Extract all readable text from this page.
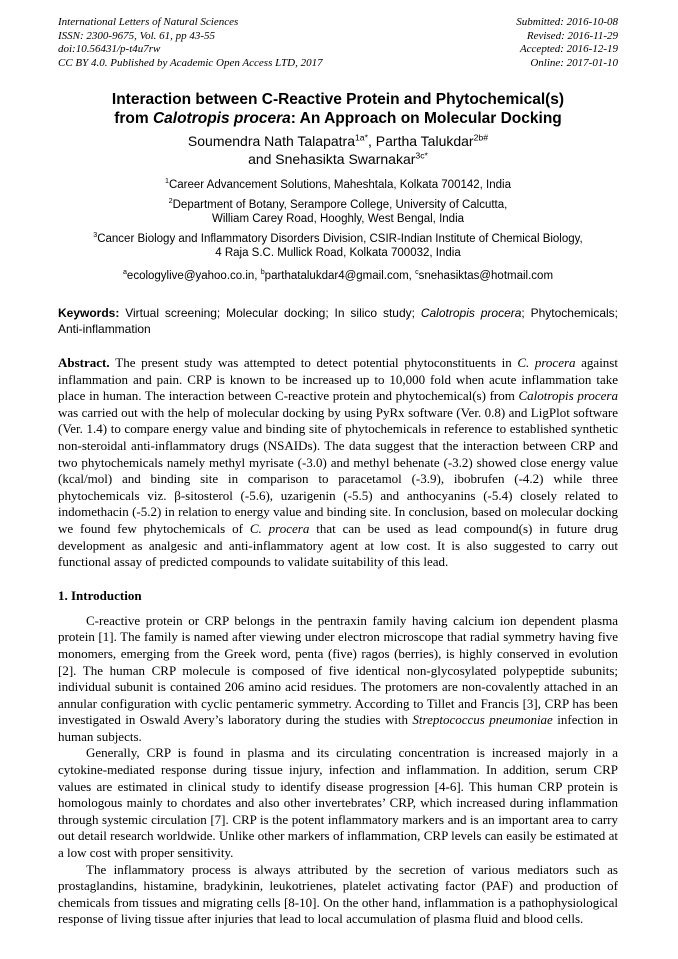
International Letters of Natural Sciences
ISSN: 2300-9675, Vol. 61, pp 43-55
doi:10.56431/p-t4u7rw
CC BY 4.0. Published by Academic Open Access LTD, 2017
Submitted: 2016-10-08
Revised: 2016-11-29
Accepted: 2016-12-19
Online: 2017-01-10
Interaction between C-Reactive Protein and Phytochemical(s)
from Calotropis procera: An Approach on Molecular Docking
Soumendra Nath Talapatra$^{1a*}$, Partha Talukdar$^{2b\#}$
and Snehasikta Swarnakar$^{3c*}$
$^1$Career Advancement Solutions, Maheshtala, Kolkata 700142, India
$^2$Department of Botany, Serampore College, University of Calcutta,
William Carey Road, Hooghly, West Bengal, India
$^3$Cancer Biology and Inflammatory Disorders Division, CSIR-Indian Institute of Chemical Biology,
4 Raja S.C. Mullick Road, Kolkata 700032, India
$^a$ecologylive@yahoo.co.in, $^b$parthatalukdar4@gmail.com, $^c$snehasiktas@hotmail.com

Keywords: Virtual screening; Molecular docking; In silico study; Calotropis procera; Phytochemicals; Anti-inflammation

Abstract. The present study was attempted to detect potential phytoconstituents in C. procera against inflammation and pain. CRP is known to be increased up to 10,000 fold when acute inflammation take place in human. The interaction between C-reactive protein and phytochemical(s) from Calotropis procera was carried out with the help of molecular docking by using PyRx software (Ver. 0.8) and LigPlot software (Ver. 1.4) to compare energy value and binding site of phytochemicals in reference to established synthetic non-steroidal anti-inflammatory drugs (NSAIDs). The data suggest that the interaction between CRP and two phytochemicals namely methyl myrisate (-3.0) and methyl behenate (-3.2) showed close energy value (kcal/mol) and binding site in comparison to paracetamol (-3.9), ibobrufen (-4.2) while three phytochemicals viz. β-sitosterol (-5.6), uzarigenin (-5.5) and anthocyanins (-5.4) closely related to indomethacin (-5.2) in relation to energy value and binding site. In conclusion, based on molecular docking we found few phytochemicals of C. procera that can be used as lead compound(s) in future drug development as analgesic and anti-inflammatory agent at low cost. It is also suggested to carry out functional assay of predicted compounds to validate suitability of this lead.

1. Introduction

C-reactive protein or CRP belongs in the pentraxin family having calcium ion dependent plasma protein [1]. The family is named after viewing under electron microscope that radial symmetry having five monomers, emerging from the Greek word, penta (five) ragos (berries), is highly conserved in evolution [2]. The human CRP molecule is composed of five identical non-glycosylated polypeptide subunits; individual subunit is contained 206 amino acid residues. The protomers are non-covalently attached in an annular configuration with cyclic pentameric symmetry. According to Tillet and Francis [3], CRP has been investigated in Oswald Avery’s laboratory during the studies with Streptococcus pneumoniae infection in human subjects.

Generally, CRP is found in plasma and its circulating concentration is increased majorly in a cytokine-mediated response during tissue injury, infection and inflammation. In addition, serum CRP values are estimated in clinical study to identify disease progression [4-6]. This human CRP protein is homologous mainly to chordates and also other invertebrates’ CRP, which increased during inflammation through systemic circulation [7]. CRP is the potent inflammatory markers and is an important area to carry out detail research worldwide. Unlike other markers of inflammation, CRP levels can easily be estimated at a low cost with proper sensitivity.

The inflammatory process is always attributed by the secretion of various mediators such as prostaglandins, histamine, bradykinin, leukotrienes, platelet activating factor (PAF) and production of chemicals from tissues and migrating cells [8-10]. On the other hand, inflammation is a pathophysiological response of living tissue after injuries that lead to local accumulation of plasma fluid and blood cells.
